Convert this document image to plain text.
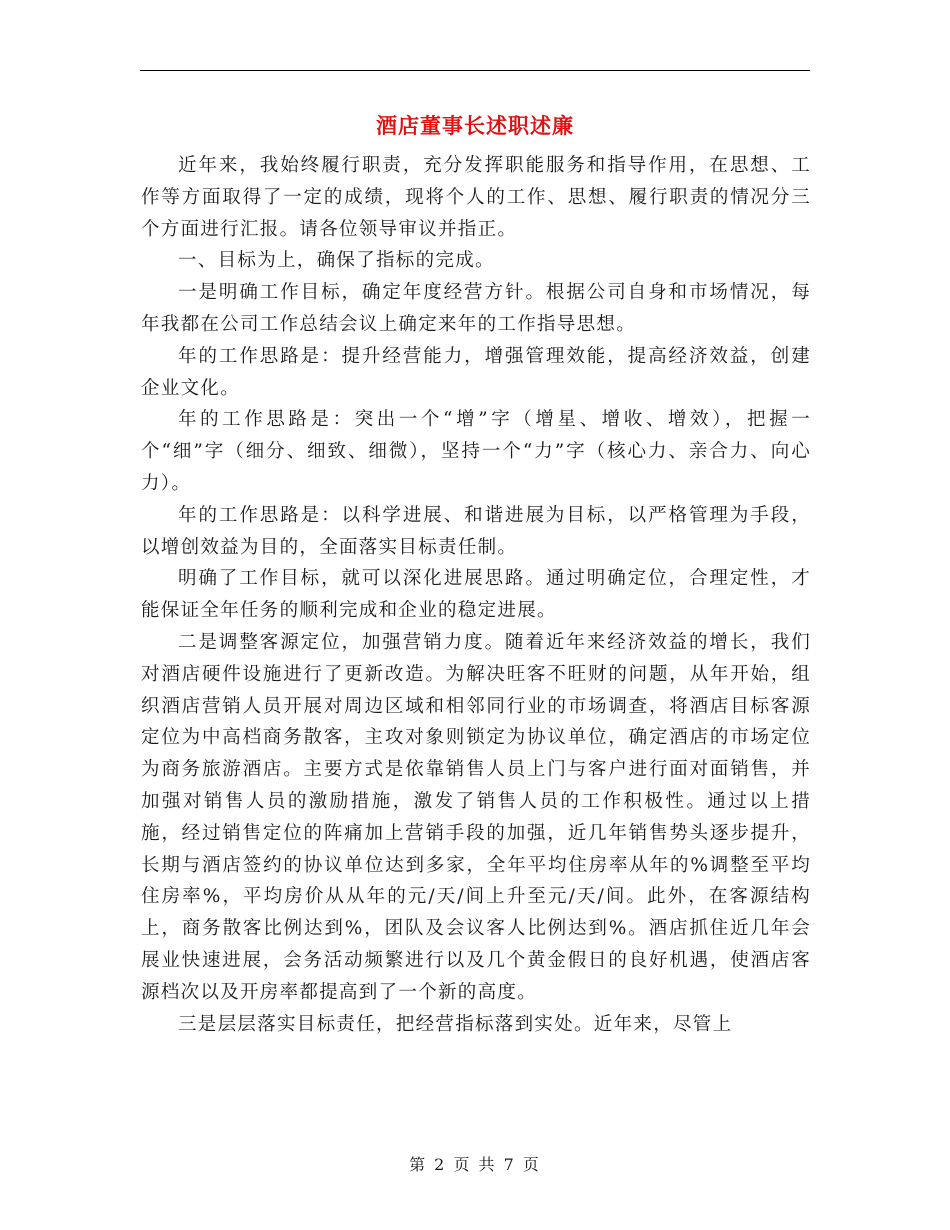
酒店董事长述职述廉

近年来，我始终履行职责，充分发挥职能服务和指导作用，在思想、工作等方面取得了一定的成绩，现将个人的工作、思想、履行职责的情况分三个方面进行汇报。请各位领导审议并指正。

一、目标为上，确保了指标的完成。

一是明确工作目标，确定年度经营方针。根据公司自身和市场情况，每年我都在公司工作总结会议上确定来年的工作指导思想。

年的工作思路是：提升经营能力，增强管理效能，提高经济效益，创建企业文化。

年的工作思路是：突出一个“增”字（增星、增收、增效），把握一个“细”字（细分、细致、细微），坚持一个“力”字（核心力、亲合力、向心力）。

年的工作思路是：以科学进展、和谐进展为目标，以严格管理为手段，以增创效益为目的，全面落实目标责任制。

明确了工作目标，就可以深化进展思路。通过明确定位，合理定性，才能保证全年任务的顺利完成和企业的稳定进展。

二是调整客源定位，加强营销力度。随着近年来经济效益的增长，我们对酒店硬件设施进行了更新改造。为解决旺客不旺财的问题，从年开始，组织酒店营销人员开展对周边区域和相邻同行业的市场调查，将酒店目标客源定位为中高档商务散客，主攻对象则锁定为协议单位，确定酒店的市场定位为商务旅游酒店。主要方式是依靠销售人员上门与客户进行面对面销售，并加强对销售人员的激励措施，激发了销售人员的工作积极性。通过以上措施，经过销售定位的阵痛加上营销手段的加强，近几年销售势头逐步提升，长期与酒店签约的协议单位达到多家，全年平均住房率从年的%调整至平均住房率%，平均房价从从年的元/天/间上升至元/天/间。此外，在客源结构上，商务散客比例达到%，团队及会议客人比例达到%。酒店抓住近几年会展业快速进展，会务活动频繁进行以及几个黄金假日的良好机遇，使酒店客源档次以及开房率都提高到了一个新的高度。

三是层层落实目标责任，把经营指标落到实处。近年来，尽管上

第 2 页 共 7 页
